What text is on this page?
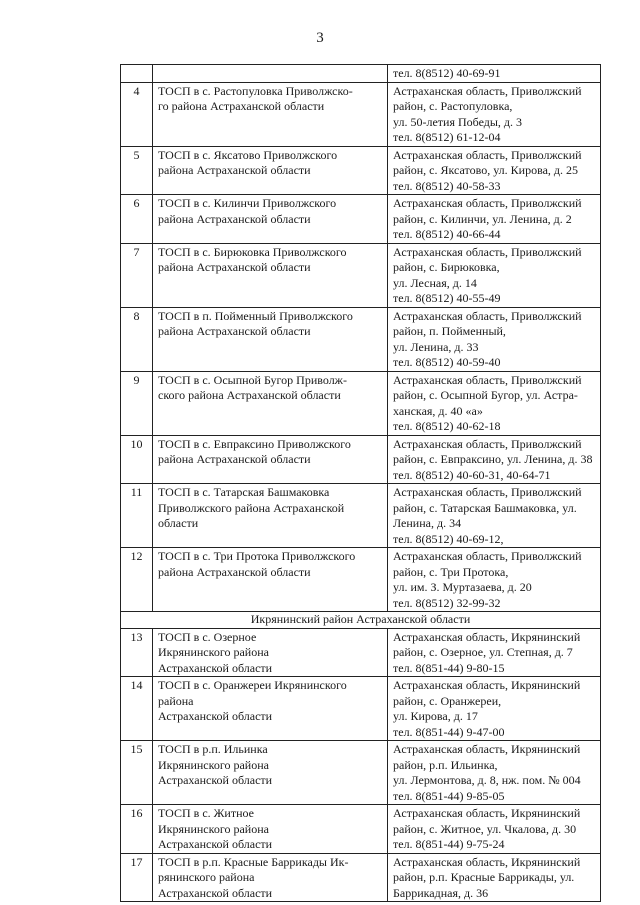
3

		тел. 8(8512) 40-69-91

4	ТОСП в с. Растопуловка Приволжско-
го района Астраханской области	Астраханская область, Приволжский
район, с. Растопуловка,
ул. 50-летия Победы, д. 3
тел. 8(8512) 61-12-04

5	ТОСП в с. Яксатово Приволжского
района Астраханской области	Астраханская область, Приволжский
район, с. Яксатово, ул. Кирова, д. 25
тел. 8(8512) 40-58-33

6	ТОСП в с. Килинчи Приволжского
района Астраханской области	Астраханская область, Приволжский
район, с. Килинчи, ул. Ленина, д. 2
тел. 8(8512) 40-66-44

7	ТОСП в с. Бирюковка Приволжского
района Астраханской области	Астраханская область, Приволжский
район, с. Бирюковка,
ул. Лесная, д. 14
тел. 8(8512) 40-55-49

8	ТОСП в п. Пойменный Приволжского
района Астраханской области	Астраханская область, Приволжский
район, п. Пойменный,
ул. Ленина, д. 33
тел. 8(8512) 40-59-40

9	ТОСП в с. Осыпной Бугор Приволж-
ского района Астраханской области	Астраханская область, Приволжский
район, с. Осыпной Бугор, ул. Астра-
ханская, д. 40 «а»
тел. 8(8512) 40-62-18

10	ТОСП в с. Евпраксино Приволжского
района Астраханской области	Астраханская область, Приволжский
район, с. Евпраксино, ул. Ленина, д. 38
тел. 8(8512) 40-60-31, 40-64-71

11	ТОСП в с. Татарская Башмаковка
Приволжского района Астраханской
области	Астраханская область, Приволжский
район, с. Татарская Башмаковка, ул.
Ленина, д. 34
тел. 8(8512) 40-69-12,

12	ТОСП в с. Три Протока Приволжского
района Астраханской области	Астраханская область, Приволжский
район, с. Три Протока,
ул. им. З. Муртазаева, д. 20
тел. 8(8512) 32-99-32

Икрянинский район Астраханской области		
13	ТОСП в с. Озерное
Икрянинского района
Астраханской области	Астраханская область, Икрянинский
район, с. Озерное, ул. Степная, д. 7
тел. 8(851-44) 9-80-15

14	ТОСП в с. Оранжереи Икрянинского
района
Астраханской области	Астраханская область, Икрянинский
район, с. Оранжереи,
ул. Кирова, д. 17
тел. 8(851-44) 9-47-00

15	ТОСП в р.п. Ильинка
Икрянинского района
Астраханской области	Астраханская область, Икрянинский
район, р.п. Ильинка,
ул. Лермонтова, д. 8, нж. пом. № 004
тел. 8(851-44) 9-85-05

16	ТОСП в с. Житное
Икрянинского района
Астраханской области	Астраханская область, Икрянинский
район, с. Житное, ул. Чкалова, д. 30
тел. 8(851-44) 9-75-24

17	ТОСП в р.п. Красные Баррикады Ик-
рянинского района
Астраханской области	Астраханская область, Икрянинский
район, р.п. Красные Баррикады, ул.
Баррикадная, д. 36
